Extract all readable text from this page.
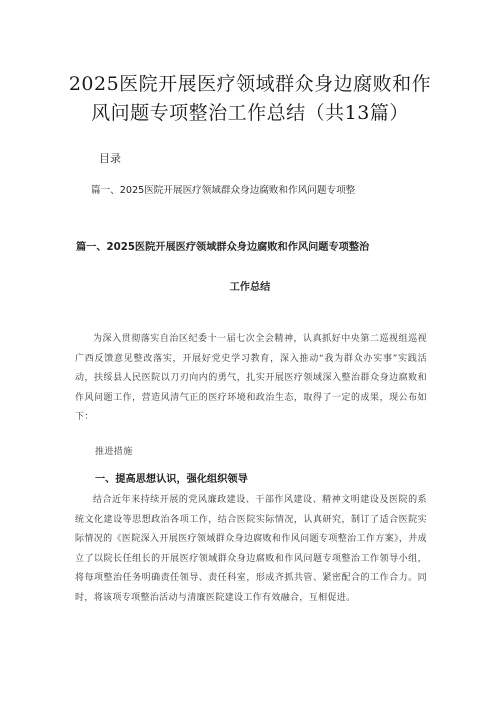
2025医院开展医疗领域群众身边腐败和作风问题专项整治工作总结（共13篇）

目录

篇一、2025医院开展医疗领域群众身边腐败和作风问题专项整

篇一、2025医院开展医疗领域群众身边腐败和作风问题专项整治
工作总结

为深入贯彻落实自治区纪委十一届七次全会精神，认真抓好中央第二巡视组巡视广西反馈意见整改落实，开展好党史学习教育，深入推动“我为群众办实事”实践活动，扶绥县人民医院以刀刃向内的勇气，扎实开展医疗领域深入整治群众身边腐败和作风问题工作，营造风清气正的医疗环境和政治生态，取得了一定的成果，现公布如下：

推进措施

一、提高思想认识，强化组织领导

结合近年来持续开展的党风廉政建设、干部作风建设、精神文明建设及医院的系统文化建设等思想政治各项工作，结合医院实际情况，认真研究，制订了适合医院实际情况的《医院深入开展医疗领域群众身边腐败和作风问题专项整治工作方案》，并成立了以院长任组长的开展医疗领域群众身边腐败和作风问题专项整治工作领导小组，将每项整治任务明确责任领导、责任科室，形成齐抓共管、紧密配合的工作合力。同时，将该项专项整治活动与清廉医院建设工作有效融合，互相促进。
